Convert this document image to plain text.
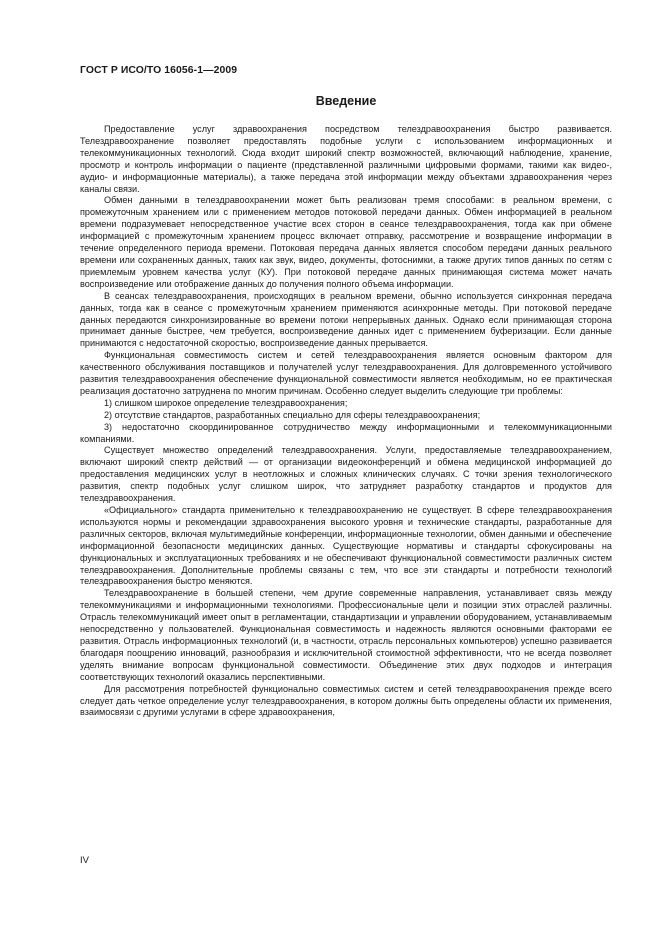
ГОСТ Р ИСО/ТО 16056-1—2009
Введение

Предоставление услуг здравоохранения посредством телездравоохранения быстро развивается. Телездравоохранение позволяет предоставлять подобные услуги с использованием информационных и телекоммуникационных технологий. Сюда входит широкий спектр возможностей, включающий наблюдение, хранение, просмотр и контроль информации о пациенте (представленной различными цифровыми формами, такими как видео-, аудио- и информационные материалы), а также передача этой информации между объектами здравоохранения через каналы связи.

Обмен данными в телездравоохранении может быть реализован тремя способами: в реальном времени, с промежуточным хранением или с применением методов потоковой передачи данных. Обмен информацией в реальном времени подразумевает непосредственное участие всех сторон в сеансе телездравоохранения, тогда как при обмене информацией с промежуточным хранением процесс включает отправку, рассмотрение и возвращение информации в течение определенного периода времени. Потоковая передача данных является способом передачи данных реального времени или сохраненных данных, таких как звук, видео, документы, фотоснимки, а также других типов данных по сетям с приемлемым уровнем качества услуг (КУ). При потоковой передаче данных принимающая система может начать воспроизведение или отображение данных до получения полного объема информации.

В сеансах телездравоохранения, происходящих в реальном времени, обычно используется синхронная передача данных, тогда как в сеансе с промежуточным хранением применяются асинхронные методы. При потоковой передаче данных передаются синхронизированные во времени потоки непрерывных данных. Однако если принимающая сторона принимает данные быстрее, чем требуется, воспроизведение данных идет с применением буферизации. Если данные принимаются с недостаточной скоростью, воспроизведение данных прерывается.

Функциональная совместимость систем и сетей телездравоохранения является основным фактором для качественного обслуживания поставщиков и получателей услуг телездравоохранения. Для долговременного устойчивого развития телездравоохранения обеспечение функциональной совместимости является необходимым, но ее практическая реализация достаточно затруднена по многим причинам. Особенно следует выделить следующие три проблемы:

1) слишком широкое определение телездравоохранения;

2) отсутствие стандартов, разработанных специально для сферы телездравоохранения;

3) недостаточно скоординированное сотрудничество между информационными и телекоммуникационными компаниями.

Существует множество определений телездравоохранения. Услуги, предоставляемые телездравоохранением, включают широкий спектр действий — от организации видеоконференций и обмена медицинской информацией до предоставления медицинских услуг в неотложных и сложных клинических случаях. С точки зрения технологического развития, спектр подобных услуг слишком широк, что затрудняет разработку стандартов и продуктов для телездравоохранения.

«Официального» стандарта применительно к телездравоохранению не существует. В сфере телездравоохранения используются нормы и рекомендации здравоохранения высокого уровня и технические стандарты, разработанные для различных секторов, включая мультимедийные конференции, информационные технологии, обмен данными и обеспечение информационной безопасности медицинских данных. Существующие нормативы и стандарты сфокусированы на функциональных и эксплуатационных требованиях и не обеспечивают функциональной совместимости различных систем телездравоохранения. Дополнительные проблемы связаны с тем, что все эти стандарты и потребности технологий телездравоохранения быстро меняются.

Телездравоохранение в большей степени, чем другие современные направления, устанавливает связь между телекоммуникациями и информационными технологиями. Профессиональные цели и позиции этих отраслей различны. Отрасль телекоммуникаций имеет опыт в регламентации, стандартизации и управлении оборудованием, устанавливаемым непосредственно у пользователей. Функциональная совместимость и надежность являются основными факторами ее развития. Отрасль информационных технологий (и, в частности, отрасль персональных компьютеров) успешно развивается благодаря поощрению инноваций, разнообразия и исключительной стоимостной эффективности, что не всегда позволяет уделять внимание вопросам функциональной совместимости. Объединение этих двух подходов и интеграция соответствующих технологий оказались перспективными.

Для рассмотрения потребностей функционально совместимых систем и сетей телездравоохранения прежде всего следует дать четкое определение услуг телездравоохранения, в котором должны быть определены области их применения, взаимосвязи с другими услугами в сфере здравоохранения,

IV
